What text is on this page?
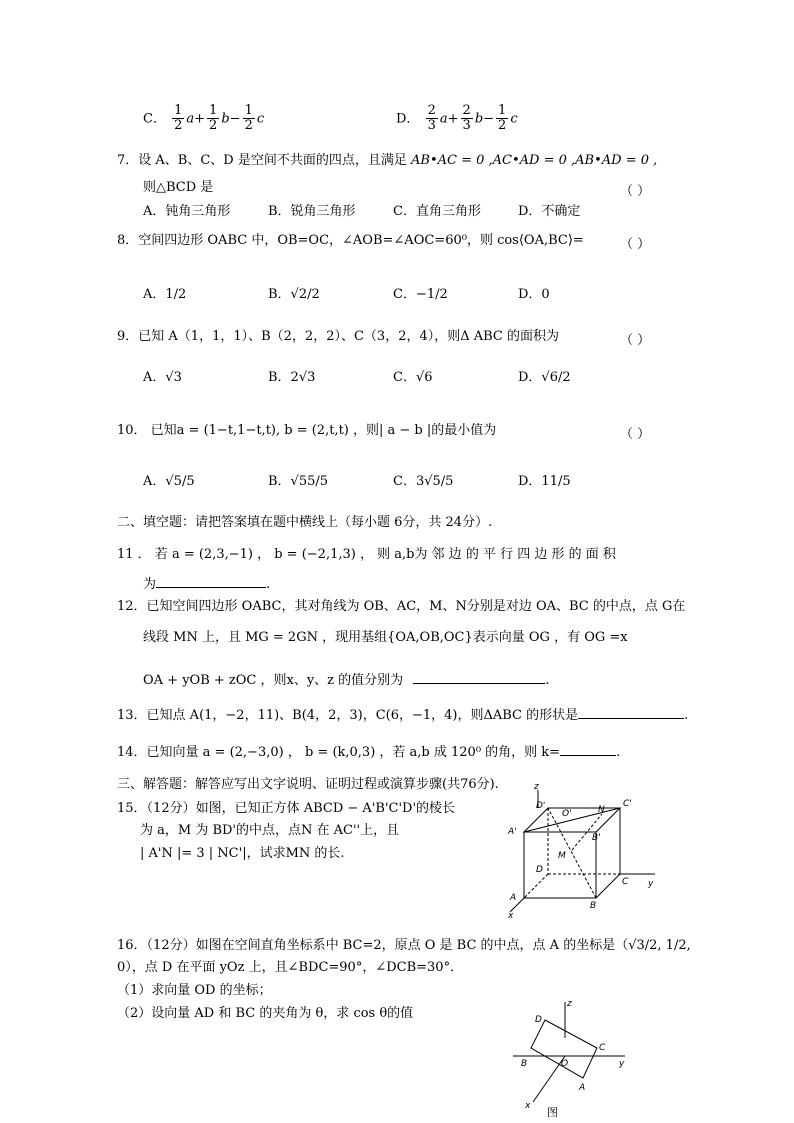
C． $\frac{1}{2} a+ \frac{1}{2} b- \frac{1}{2}$ c	D． $\frac{2}{3} a+ \frac{2}{3} b- \frac{1}{2}$ c
7．设 A、B、C、D 是空间不共面的四点，且满足 AB•AC = 0 ,AC•AD = 0 ,AB•AD = 0 ,
则△BCD 是	（ ）
A．钝角三角形	B．锐角三角形	C．直角三角形	D．不确定
8．空间四边形 OABC 中，OB=OC，∠AOB=∠AOC=60⁰，则 cos⟨OA,BC⟩=	（ ）
A．1/2	B．√2/2	C．−1/2	D．0
9．已知 A（1，1，1）、B（2，2，2）、C（3，2，4），则Δ ABC 的面积为	（ ）
A．√3	B．2√3	C．√6	D．√6/2
10． 已知a = (1−t,1−t,t), b = (2,t,t) ，则| a − b |的最小值为	（ ）
A．√5/5	B．√55/5	C．3√5/5	D．11/5
二、填空题：请把答案填在题中横线上（每小题 6分，共 24分）.
11 ． 若 a = (2,3,−1) ， b = (−2,1,3) ， 则 a,b为 邻 边 的 平 行 四 边 形 的 面 积
为	.
12．已知空间四边形 OABC，其对角线为 OB、AC，M、N分别是对边 OA、BC 的中点，点 G在
线段 MN 上，且 MG = 2GN ，现用基组{OA,OB,OC}表示向量 OG ，有 OG =x
OA + yOB + zOC ，则x、y、z 的值分别为	.
13．已知点 A(1，−2，11)、B(4，2，3)，C(6，−1，4)，则ΔABC 的形状是	.
14．已知向量 a = (2,−3,0) ， b = (k,0,3) ，若 a,b 成 120⁰ 的角，则 k=	.
三、解答题：解答应写出文字说明、证明过程或演算步骤(共76分).
15．（12分）如图，已知正方体 ABCD − A'B'C'D'的棱长
为 a，M 为 BD'的中点，点N 在 AC''上，且
| A'N |= 3 | NC'|，试求MN 的长.
z
D'
O'	N
C'
A'
B'
M
D
C y
A
B
x
16．（12分）如图在空间直角坐标系中 BC=2，原点 O 是 BC 的中点，点 A 的坐标是（√3/2, 1/2,
0），点 D 在平面 yOz 上，且∠BDC=90°，∠DCB=30°．
（1）求向量 OD 的坐标；
（2）设向量 AD 和 BC 的夹角为 θ，求 cos θ的值
z
D
B	O
C
y
A
x 图
